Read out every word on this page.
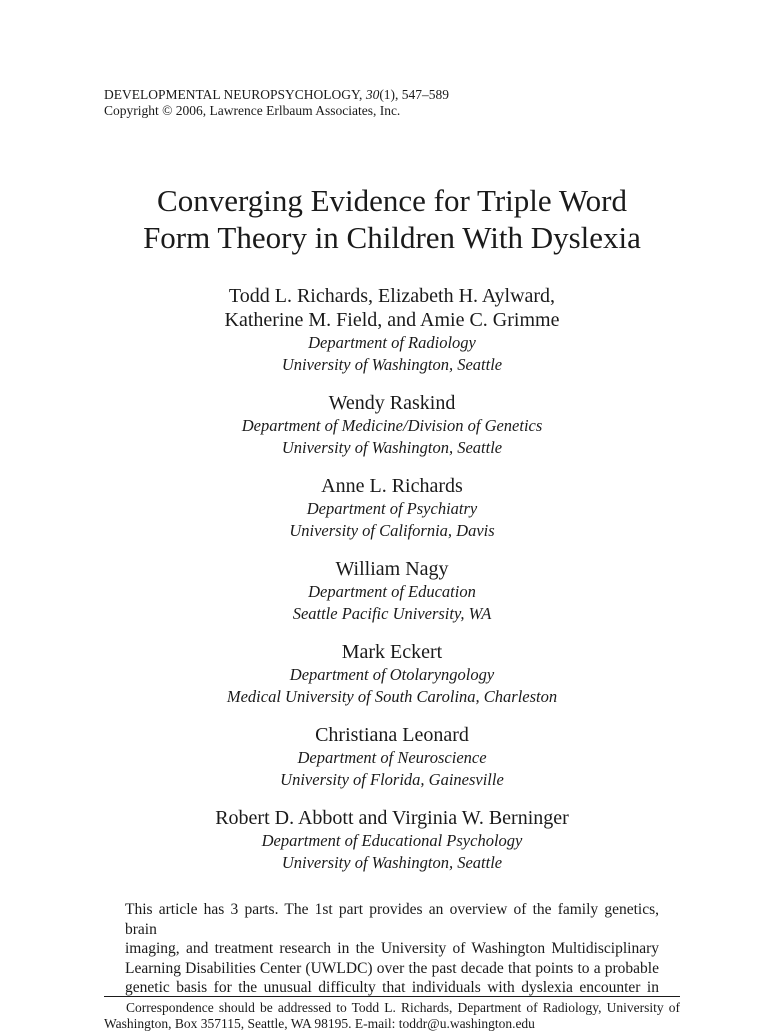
DEVELOPMENTAL NEUROPSYCHOLOGY, 30(1), 547–589
Copyright © 2006, Lawrence Erlbaum Associates, Inc.
Converging Evidence for Triple Word
Form Theory in Children With Dyslexia
Todd L. Richards, Elizabeth H. Aylward,
Katherine M. Field, and Amie C. Grimme
Department of Radiology
University of Washington, Seattle
Wendy Raskind
Department of Medicine/Division of Genetics
University of Washington, Seattle
Anne L. Richards
Department of Psychiatry
University of California, Davis
William Nagy
Department of Education
Seattle Pacific University, WA
Mark Eckert
Department of Otolaryngology
Medical University of South Carolina, Charleston
Christiana Leonard
Department of Neuroscience
University of Florida, Gainesville
Robert D. Abbott and Virginia W. Berninger
Department of Educational Psychology
University of Washington, Seattle
This article has 3 parts. The 1st part provides an overview of the family genetics, brain
imaging, and treatment research in the University of Washington Multidisciplinary
Learning Disabilities Center (UWLDC) over the past decade that points to a probable
genetic basis for the unusual difficulty that individuals with dyslexia encounter in
Correspondence should be addressed to Todd L. Richards, Department of Radiology, University of Washington, Box 357115, Seattle, WA 98195. E-mail: toddr@u.washington.edu
